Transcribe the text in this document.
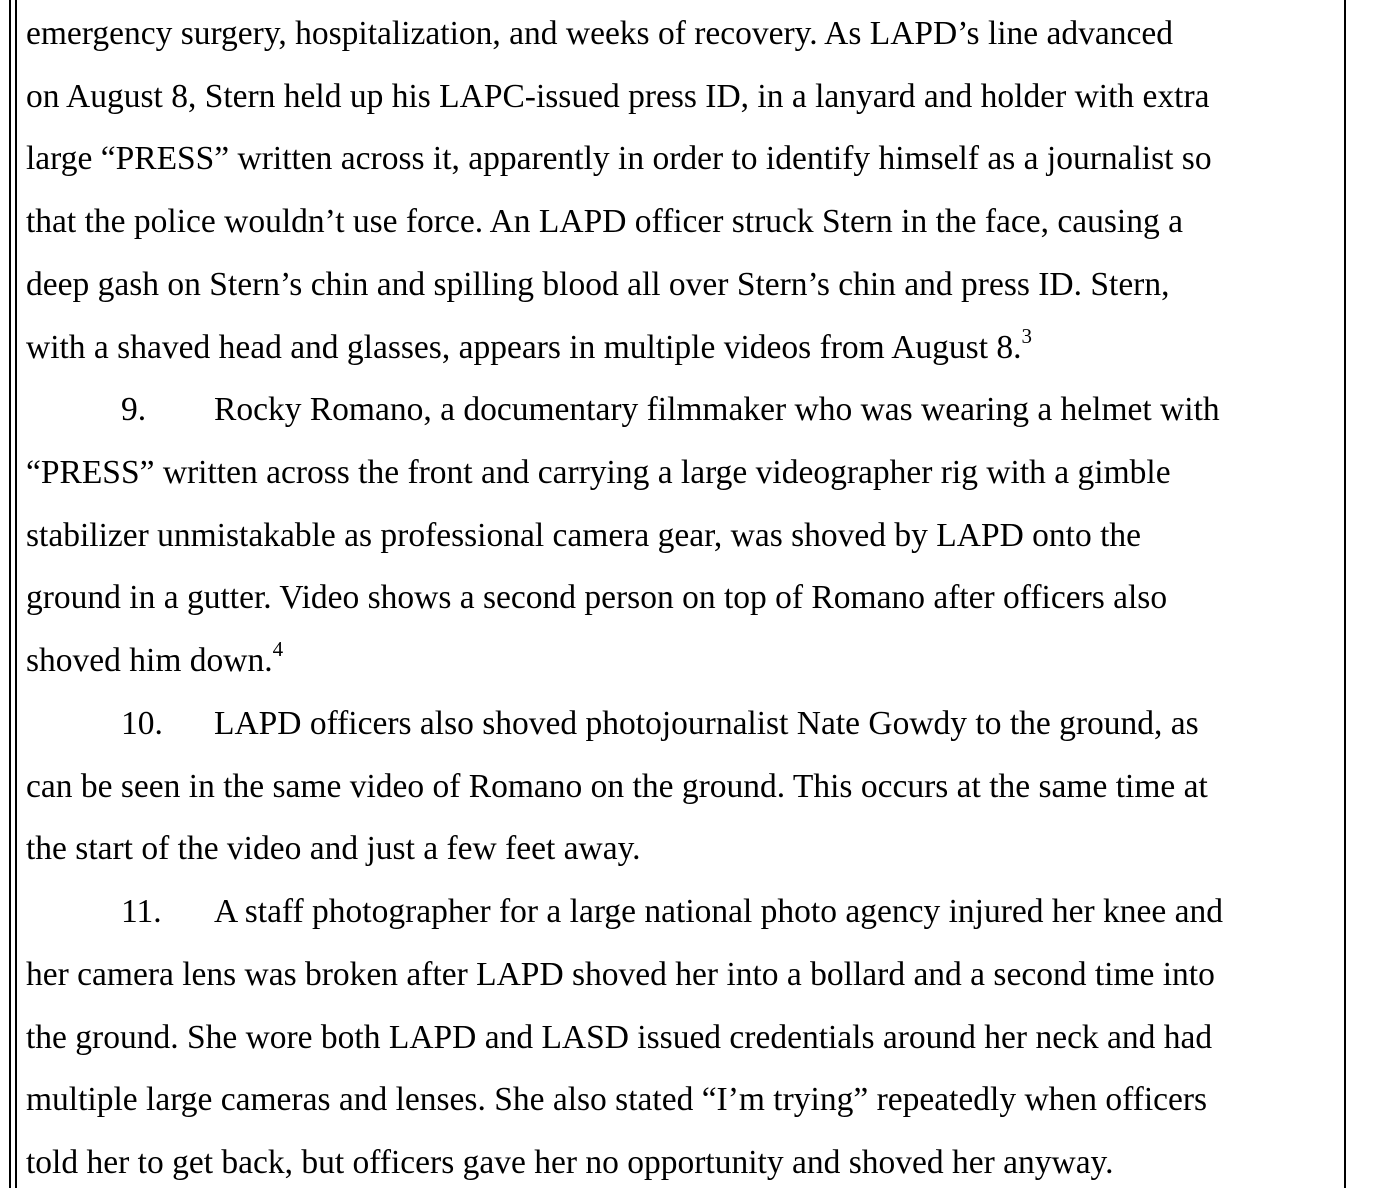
emergency surgery, hospitalization, and weeks of recovery. As LAPD’s line advanced
on August 8, Stern held up his LAPC-issued press ID, in a lanyard and holder with extra
large “PRESS” written across it, apparently in order to identify himself as a journalist so
that the police wouldn’t use force. An LAPD officer struck Stern in the face, causing a
deep gash on Stern’s chin and spilling blood all over Stern’s chin and press ID. Stern,
with a shaved head and glasses, appears in multiple videos from August 8.$^3$
9. Rocky Romano, a documentary filmmaker who was wearing a helmet with
“PRESS” written across the front and carrying a large videographer rig with a gimble
stabilizer unmistakable as professional camera gear, was shoved by LAPD onto the
ground in a gutter. Video shows a second person on top of Romano after officers also
shoved him down.$^4$
10. LAPD officers also shoved photojournalist Nate Gowdy to the ground, as
can be seen in the same video of Romano on the ground. This occurs at the same time at
the start of the video and just a few feet away.
11. A staff photographer for a large national photo agency injured her knee and
her camera lens was broken after LAPD shoved her into a bollard and a second time into
the ground. She wore both LAPD and LASD issued credentials around her neck and had
multiple large cameras and lenses. She also stated “I’m trying” repeatedly when officers
told her to get back, but officers gave her no opportunity and shoved her anyway.
